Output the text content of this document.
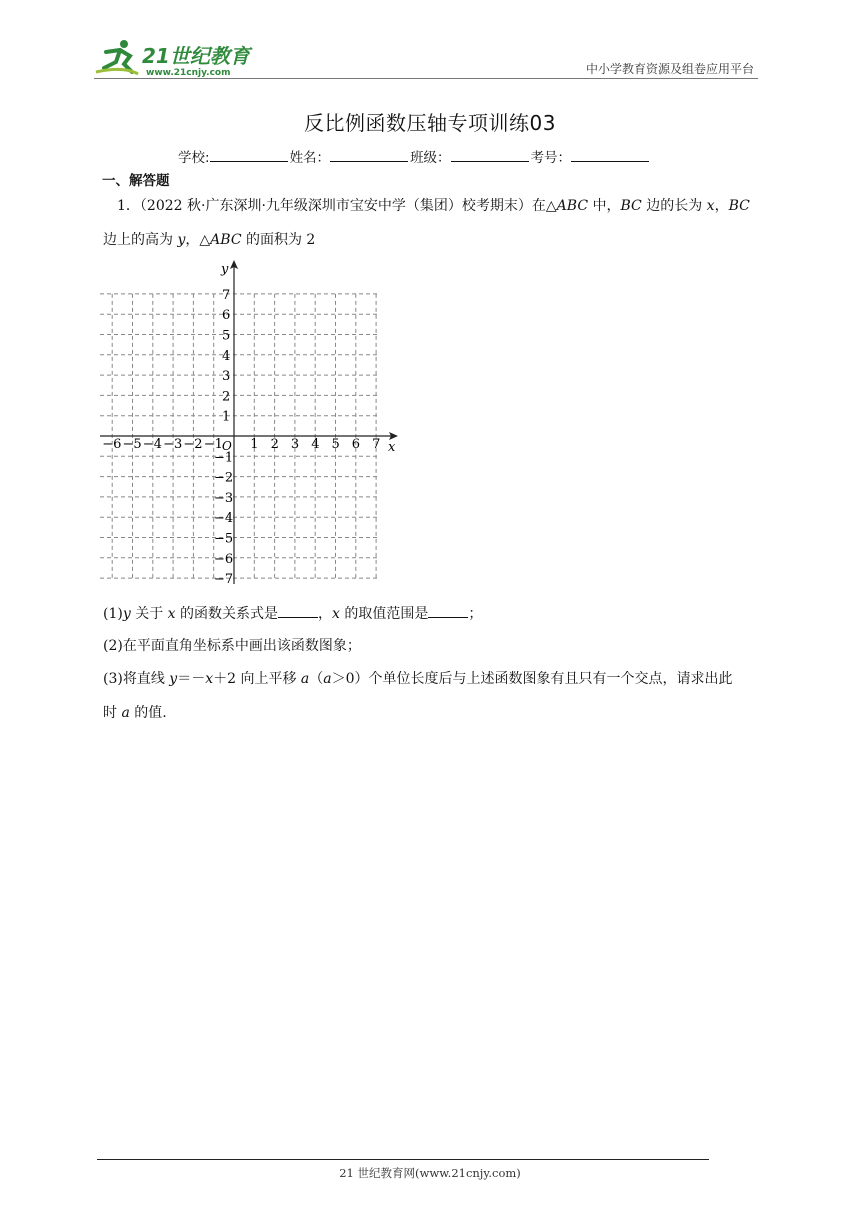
21世纪教育
www.21cnjy.com	中小学教育资源及组卷应用平台
反比例函数压轴专项训练03
学校:	姓名：	班级：	考号：
一、解答题
1．（2022 秋·广东深圳·九年级深圳市宝安中学（集团）校考期末）在△ABC 中，BC 边的长为 x，BC
边上的高为 y，△ABC 的面积为 2
x
y
O
−6 −5 −4 −3 −2 −1 1 2 3 4 5 6 7
7
6
5
4
3
2
1
−1
−2
−3
−4
−5
−6
−7
(1)y 关于 x 的函数关系式是	，x 的取值范围是	；
(2)在平面直角坐标系中画出该函数图象；
(3)将直线 y＝－x＋2 向上平移 a（a＞0）个单位长度后与上述函数图象有且只有一个交点，请求出此
时 a 的值.
21 世纪教育网(www.21cnjy.com)
